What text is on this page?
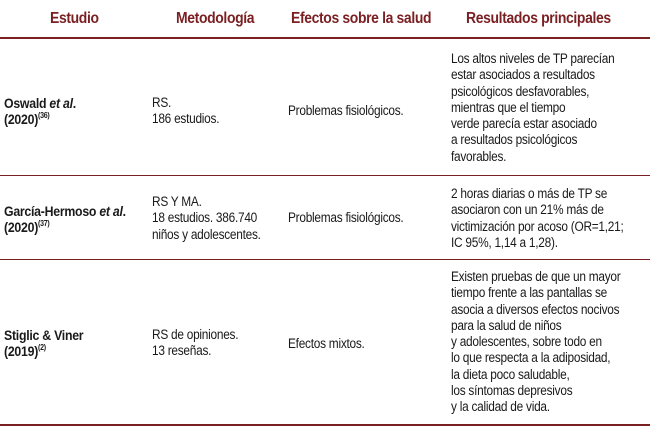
Estudio	Metodología Efectos sobre la salud Resultados principales
Oswald et al.
$(2020)^{(36)}$
RS.
186 estudios.
Problemas fisiológicos.
Los altos niveles de TP parecían
estar asociados a resultados
psicológicos desfavorables,
mientras que el tiempo
verde parecía estar asociado
a resultados psicológicos
favorables.
García-Hermoso et al.
$(2020)^{(37)}$
RS Y MA.
18 estudios. 386.740
niños y adolescentes.
Problemas fisiológicos.
2 horas diarias o más de TP se
asociaron con un 21% más de
victimización por acoso (OR=1,21;
IC 95%, 1,14 a 1,28).
Stiglic & Viner
$(2019)^{(2)}$
RS de opiniones.
13 reseñas.	Efectos mixtos.
Existen pruebas de que un mayor
tiempo frente a las pantallas se
asocia a diversos efectos nocivos
para la salud de niños
y adolescentes, sobre todo en
lo que respecta a la adiposidad,
la dieta poco saludable,
los síntomas depresivos
y la calidad de vida.
